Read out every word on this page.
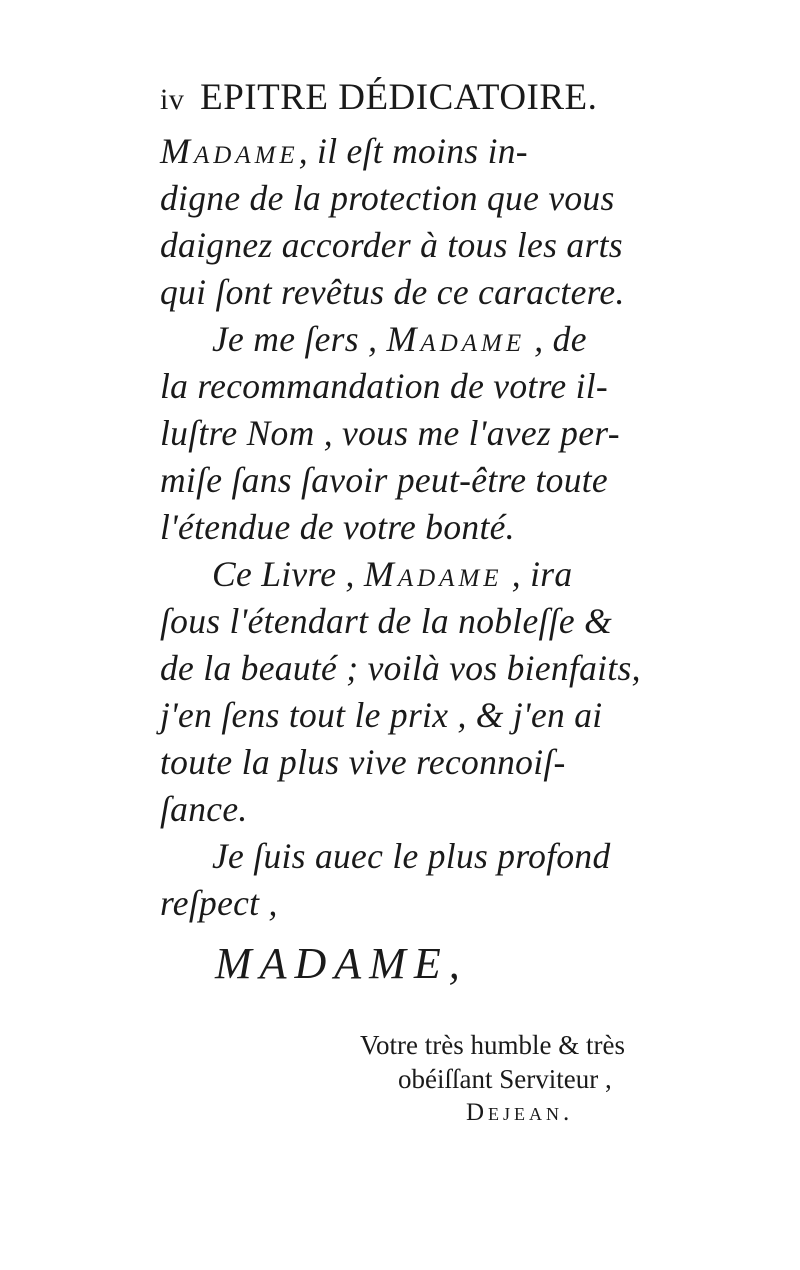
iv EPITRE DÉDICATOIRE.
Madame, il eſt moins in-
digne de la protection que vous
daignez accorder à tous les arts
qui ſont revêtus de ce caractere.
Je me ſers , Madame , de
la recommandation de votre il-
luſtre Nom , vous me l'avez per-
miſe ſans ſavoir peut-être toute
l'étendue de votre bonté.
Ce Livre , Madame , ira
ſous l'étendart de la nobleſſe &
de la beauté ; voilà vos bienfaits,
j'en ſens tout le prix , & j'en ai
toute la plus vive reconnoiſ-
ſance.
Je ſuis auec le plus profond
reſpect ,
MADAME,
Votre très humble & très
obéiſſant Serviteur ,
Dejean.
